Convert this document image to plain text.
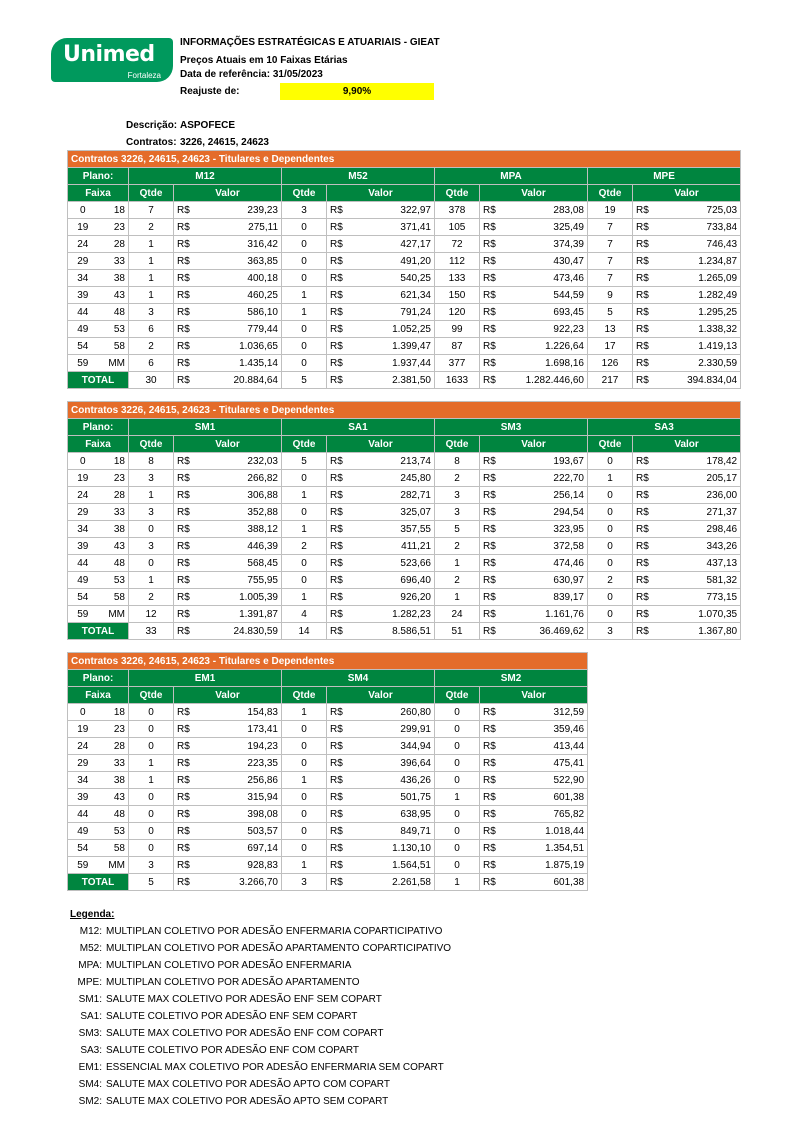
Unimed
Fortaleza
INFORMAÇÕES ESTRATÉGICAS E ATUARIAIS - GIEAT
Preços Atuais em 10 Faixas Etárias
Data de referência: 31/05/2023
Reajuste de:	9,90%
Descrição: ASPOFECE
Contratos: 3226, 24615, 24623
Contratos 3226, 24615, 24623 - Titulares e Dependentes													
Plano:		M12			M52			MPA			MPE		
Faixa		Qtde	Valor		Qtde	Valor		Qtde	Valor		Qtde	Valor	
0	18	7	R$	239,23	3	R$	322,97	378	R$	283,08	19	R$	725,03
19	23	2	R$	275,11	0	R$	371,41	105	R$	325,49	7	R$	733,84
24	28	1	R$	316,42	0	R$	427,17	72	R$	374,39	7	R$	746,43
29	33	1	R$	363,85	0	R$	491,20	112	R$	430,47	7	R$	1.234,87
34	38	1	R$	400,18	0	R$	540,25	133	R$	473,46	7	R$	1.265,09
39	43	1	R$	460,25	1	R$	621,34	150	R$	544,59	9	R$	1.282,49
44	48	3	R$	586,10	1	R$	791,24	120	R$	693,45	5	R$	1.295,25
49	53	6	R$	779,44	0	R$	1.052,25	99	R$	922,23	13	R$	1.338,32
54	58	2	R$	1.036,65	0	R$	1.399,47	87	R$	1.226,64	17	R$	1.419,13
59	MM	6	R$	1.435,14	0	R$	1.937,44	377	R$	1.698,16	126	R$	2.330,59
TOTAL		30	R$	20.884,64	5	R$	2.381,50	1633	R$	1.282.446,60	217	R$	394.834,04
Contratos 3226, 24615, 24623 - Titulares e Dependentes													
Plano:		SM1			SA1			SM3			SA3		
Faixa		Qtde	Valor		Qtde	Valor		Qtde	Valor		Qtde	Valor	
0	18	8	R$	232,03	5	R$	213,74	8	R$	193,67	0	R$	178,42
19	23	3	R$	266,82	0	R$	245,80	2	R$	222,70	1	R$	205,17
24	28	1	R$	306,88	1	R$	282,71	3	R$	256,14	0	R$	236,00
29	33	3	R$	352,88	0	R$	325,07	3	R$	294,54	0	R$	271,37
34	38	0	R$	388,12	1	R$	357,55	5	R$	323,95	0	R$	298,46
39	43	3	R$	446,39	2	R$	411,21	2	R$	372,58	0	R$	343,26
44	48	0	R$	568,45	0	R$	523,66	1	R$	474,46	0	R$	437,13
49	53	1	R$	755,95	0	R$	696,40	2	R$	630,97	2	R$	581,32
54	58	2	R$	1.005,39	1	R$	926,20	1	R$	839,17	0	R$	773,15
59	MM	12	R$	1.391,87	4	R$	1.282,23	24	R$	1.161,76	0	R$	1.070,35
TOTAL		33	R$	24.830,59	14	R$	8.586,51	51	R$	36.469,62	3	R$	1.367,80
Contratos 3226, 24615, 24623 - Titulares e Dependentes										
Plano:		EM1			SM4			SM2		
Faixa		Qtde	Valor		Qtde	Valor		Qtde	Valor	
0	18	0	R$	154,83	1	R$	260,80	0	R$	312,59
19	23	0	R$	173,41	0	R$	299,91	0	R$	359,46
24	28	0	R$	194,23	0	R$	344,94	0	R$	413,44
29	33	1	R$	223,35	0	R$	396,64	0	R$	475,41
34	38	1	R$	256,86	1	R$	436,26	0	R$	522,90
39	43	0	R$	315,94	0	R$	501,75	1	R$	601,38
44	48	0	R$	398,08	0	R$	638,95	0	R$	765,82
49	53	0	R$	503,57	0	R$	849,71	0	R$	1.018,44
54	58	0	R$	697,14	0	R$	1.130,10	0	R$	1.354,51
59	MM	3	R$	928,83	1	R$	1.564,51	0	R$	1.875,19
TOTAL		5	R$	3.266,70	3	R$	2.261,58	1	R$	601,38
Legenda:
M12: MULTIPLAN COLETIVO POR ADESÃO ENFERMARIA COPARTICIPATIVO
M52: MULTIPLAN COLETIVO POR ADESÃO APARTAMENTO COPARTICIPATIVO
MPA: MULTIPLAN COLETIVO POR ADESÃO ENFERMARIA
MPE: MULTIPLAN COLETIVO POR ADESÃO APARTAMENTO
SM1: SALUTE MAX COLETIVO POR ADESÃO ENF SEM COPART
SA1: SALUTE COLETIVO POR ADESÃO ENF SEM COPART
SM3: SALUTE MAX COLETIVO POR ADESÃO ENF COM COPART
SA3: SALUTE COLETIVO POR ADESÃO ENF COM COPART
EM1: ESSENCIAL MAX COLETIVO POR ADESÃO ENFERMARIA SEM COPART
SM4: SALUTE MAX COLETIVO POR ADESÃO APTO COM COPART
SM2: SALUTE MAX COLETIVO POR ADESÃO APTO SEM COPART
